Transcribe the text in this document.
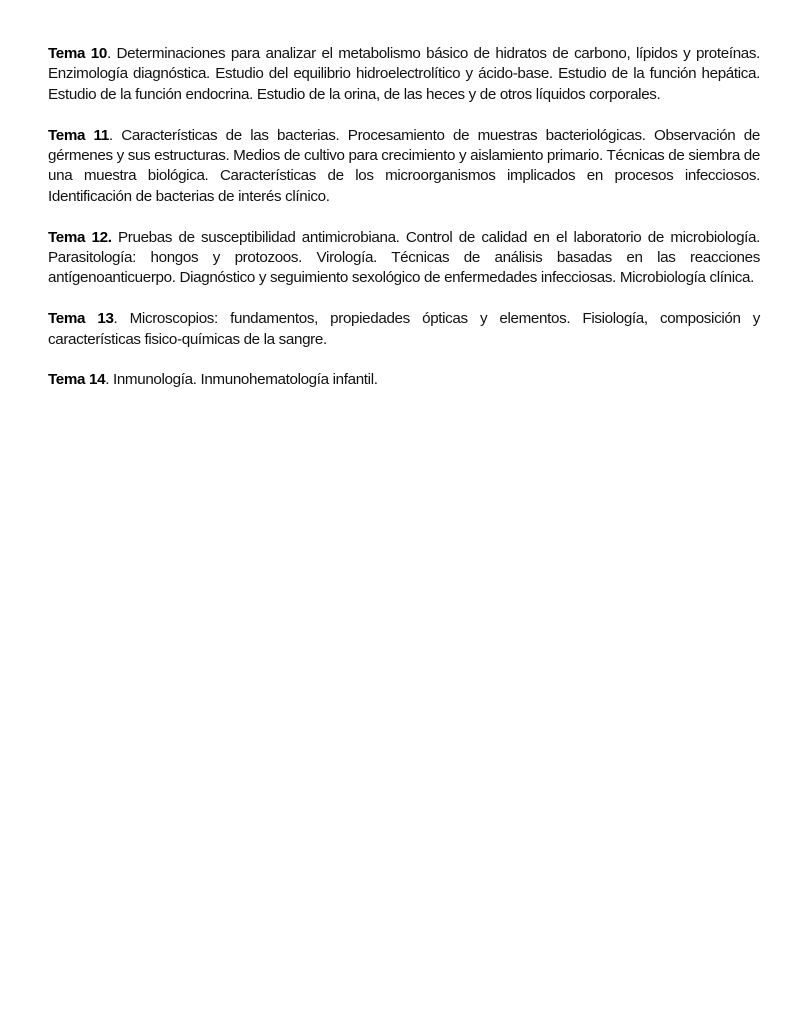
Tema 10. Determinaciones para analizar el metabolismo básico de hidratos de carbono, lípidos y proteínas. Enzimología diagnóstica. Estudio del equilibrio hidroelectrolítico y ácido-base. Estudio de la función hepática. Estudio de la función endocrina. Estudio de la orina, de las heces y de otros líquidos corporales.

Tema 11. Características de las bacterias. Procesamiento de muestras bacteriológicas. Observación de gérmenes y sus estructuras. Medios de cultivo para crecimiento y aislamiento primario. Técnicas de siembra de una muestra biológica. Características de los microorganismos implicados en procesos infecciosos. Identificación de bacterias de interés clínico.

Tema 12. Pruebas de susceptibilidad antimicrobiana. Control de calidad en el laboratorio de microbiología. Parasitología: hongos y protozoos. Virología. Técnicas de análisis basadas en las reacciones antígenoanticuerpo. Diagnóstico y seguimiento sexológico de enfermedades infecciosas. Microbiología clínica.

Tema 13. Microscopios: fundamentos, propiedades ópticas y elementos. Fisiología, composición y características fisico-químicas de la sangre.

Tema 14. Inmunología. Inmunohematología infantil.
